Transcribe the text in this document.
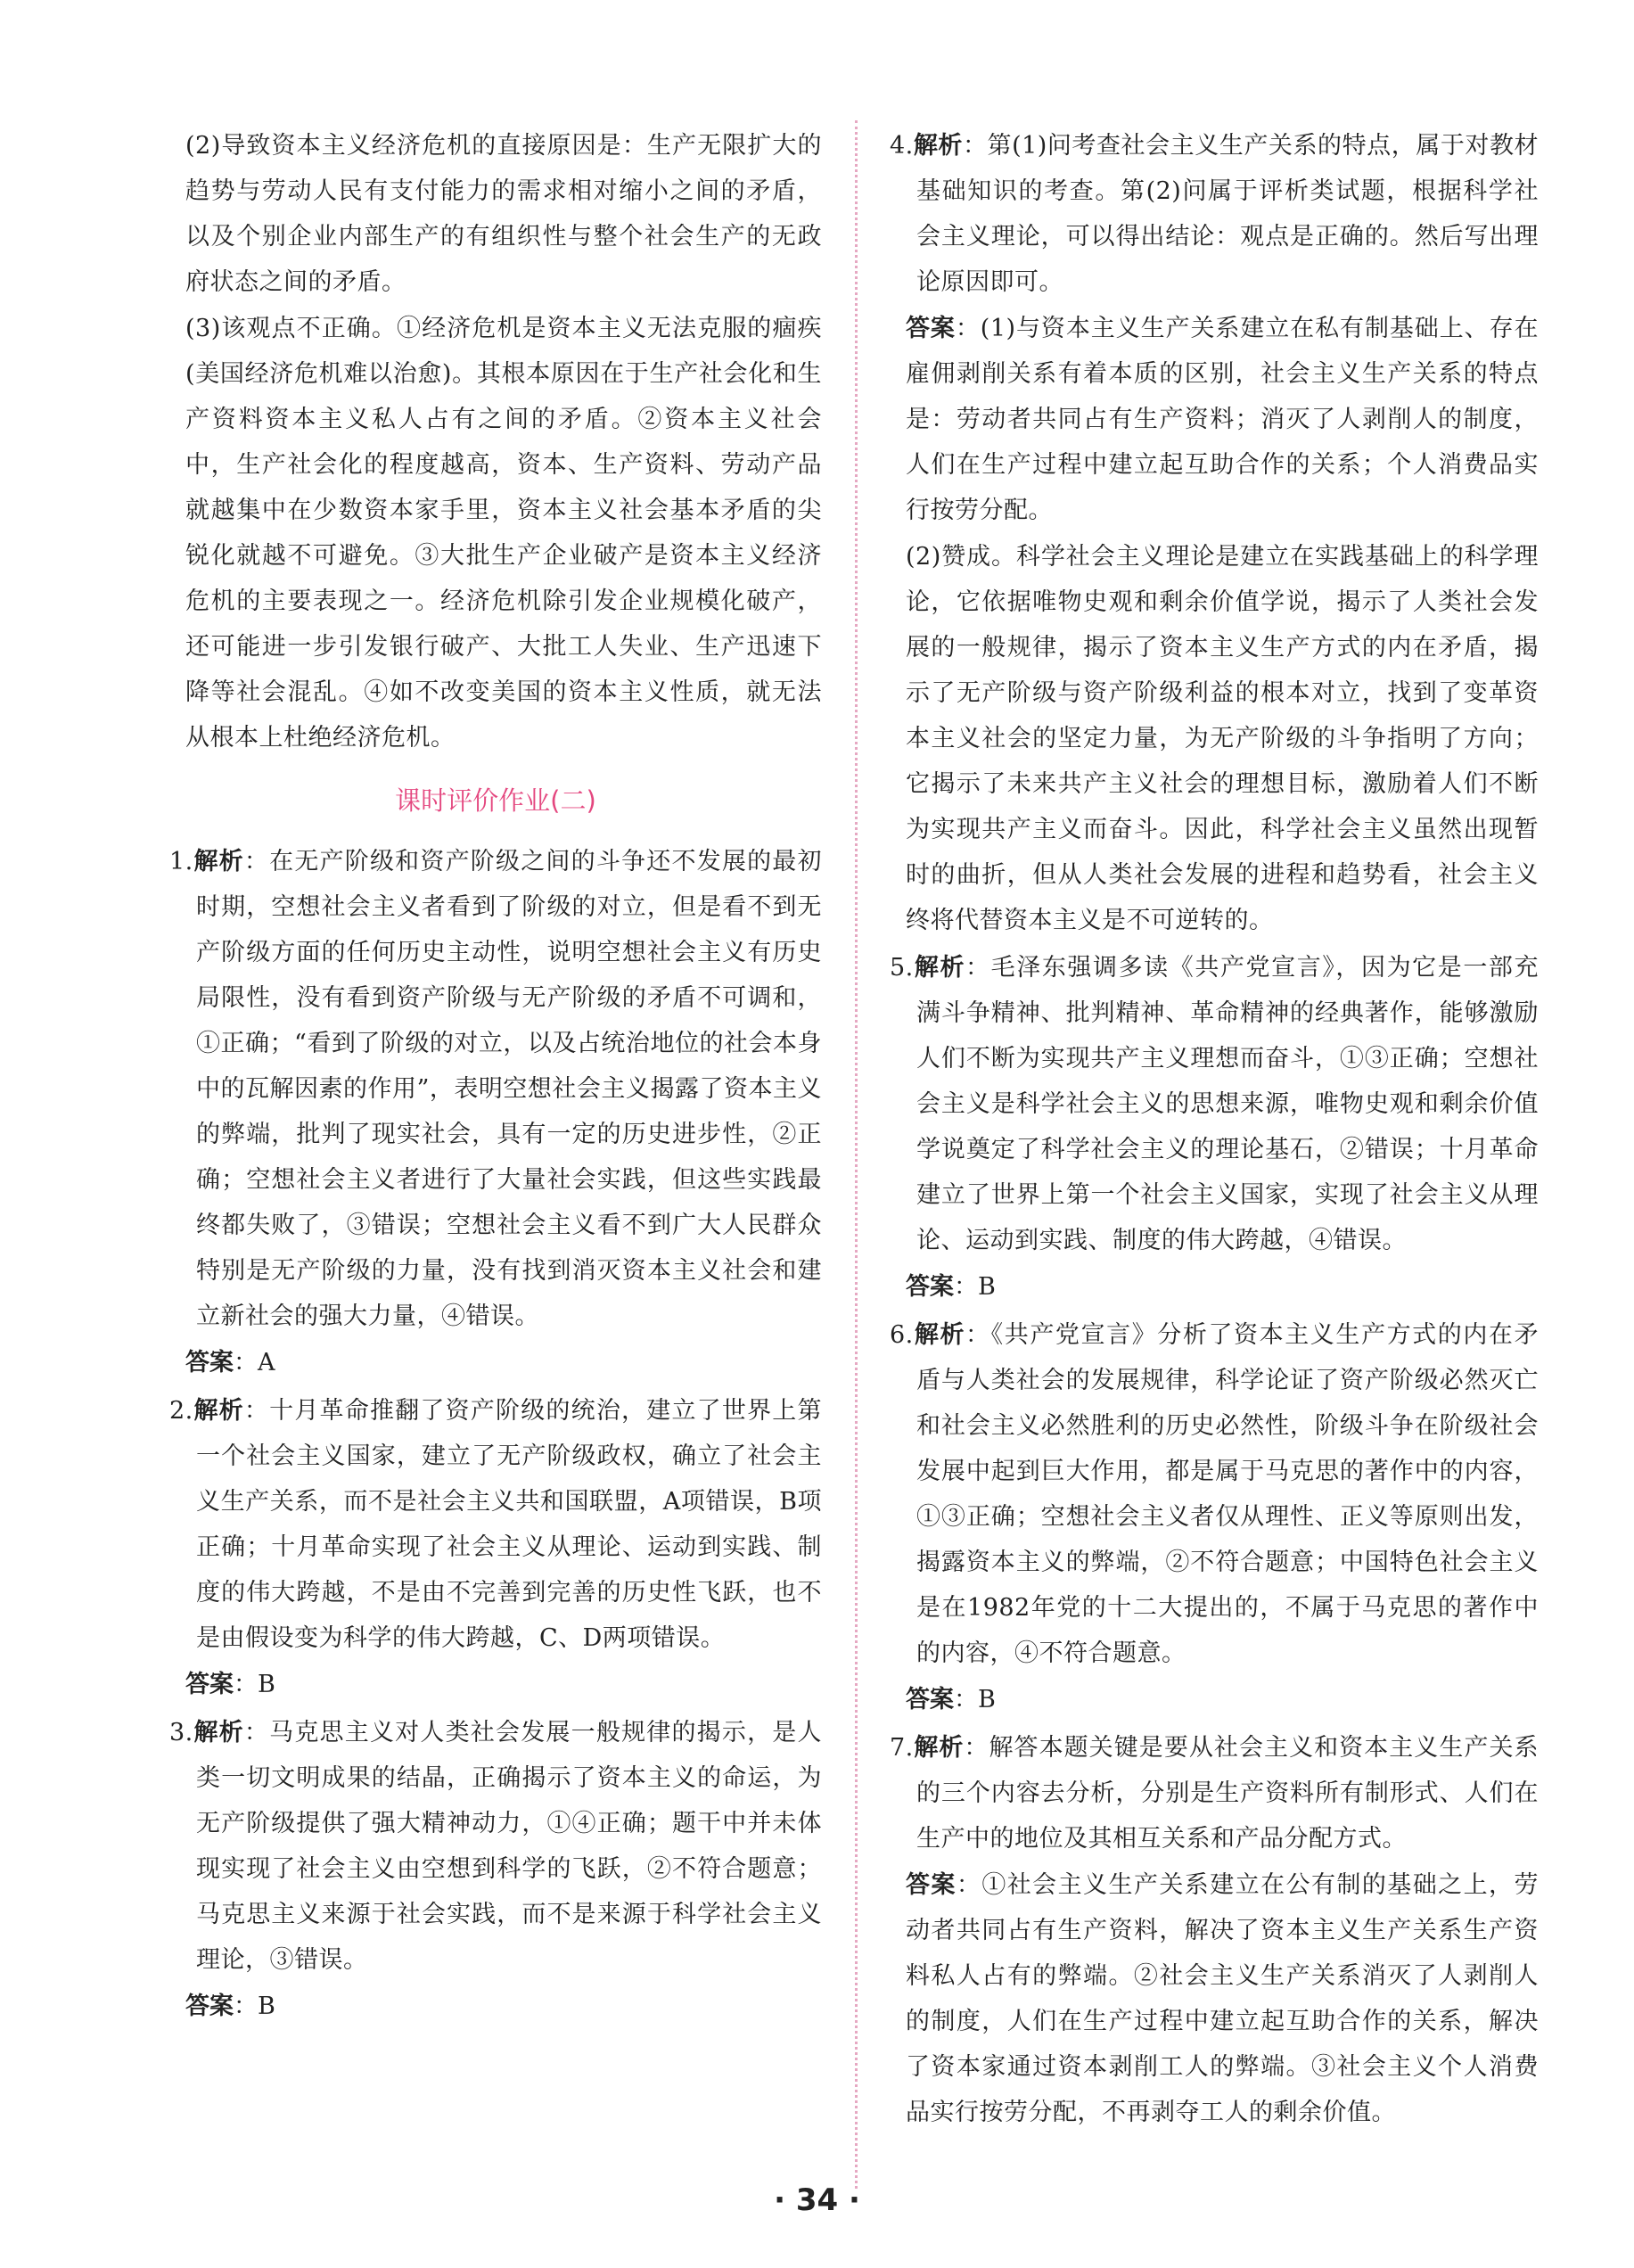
(2)导致资本主义经济危机的直接原因是：生产无限扩大的趋势与劳动人民有支付能力的需求相对缩小之间的矛盾，以及个别企业内部生产的有组织性与整个社会生产的无政府状态之间的矛盾。

(3)该观点不正确。①经济危机是资本主义无法克服的痼疾(美国经济危机难以治愈)。其根本原因在于生产社会化和生产资料资本主义私人占有之间的矛盾。②资本主义社会中，生产社会化的程度越高，资本、生产资料、劳动产品就越集中在少数资本家手里，资本主义社会基本矛盾的尖锐化就越不可避免。③大批生产企业破产是资本主义经济危机的主要表现之一。经济危机除引发企业规模化破产，还可能进一步引发银行破产、大批工人失业、生产迅速下降等社会混乱。④如不改变美国的资本主义性质，就无法从根本上杜绝经济危机。

课时评价作业(二)

1.解析：在无产阶级和资产阶级之间的斗争还不发展的最初时期，空想社会主义者看到了阶级的对立，但是看不到无产阶级方面的任何历史主动性，说明空想社会主义有历史局限性，没有看到资产阶级与无产阶级的矛盾不可调和，①正确；“看到了阶级的对立，以及占统治地位的社会本身中的瓦解因素的作用”，表明空想社会主义揭露了资本主义的弊端，批判了现实社会，具有一定的历史进步性，②正确；空想社会主义者进行了大量社会实践，但这些实践最终都失败了，③错误；空想社会主义看不到广大人民群众特别是无产阶级的力量，没有找到消灭资本主义社会和建立新社会的强大力量，④错误。

答案：A

2.解析：十月革命推翻了资产阶级的统治，建立了世界上第一个社会主义国家，建立了无产阶级政权，确立了社会主义生产关系，而不是社会主义共和国联盟，A项错误，B项正确；十月革命实现了社会主义从理论、运动到实践、制度的伟大跨越，不是由不完善到完善的历史性飞跃，也不是由假设变为科学的伟大跨越，C、D两项错误。

答案：B

3.解析：马克思主义对人类社会发展一般规律的揭示，是人类一切文明成果的结晶，正确揭示了资本主义的命运，为无产阶级提供了强大精神动力，①④正确；题干中并未体现实现了社会主义由空想到科学的飞跃，②不符合题意；马克思主义来源于社会实践，而不是来源于科学社会主义理论，③错误。

答案：B

4.解析：第(1)问考查社会主义生产关系的特点，属于对教材基础知识的考查。第(2)问属于评析类试题，根据科学社会主义理论，可以得出结论：观点是正确的。然后写出理论原因即可。

答案：(1)与资本主义生产关系建立在私有制基础上、存在雇佣剥削关系有着本质的区别，社会主义生产关系的特点是：劳动者共同占有生产资料；消灭了人剥削人的制度，人们在生产过程中建立起互助合作的关系；个人消费品实行按劳分配。

(2)赞成。科学社会主义理论是建立在实践基础上的科学理论，它依据唯物史观和剩余价值学说，揭示了人类社会发展的一般规律，揭示了资本主义生产方式的内在矛盾，揭示了无产阶级与资产阶级利益的根本对立，找到了变革资本主义社会的坚定力量，为无产阶级的斗争指明了方向；它揭示了未来共产主义社会的理想目标，激励着人们不断为实现共产主义而奋斗。因此，科学社会主义虽然出现暂时的曲折，但从人类社会发展的进程和趋势看，社会主义终将代替资本主义是不可逆转的。

5.解析：毛泽东强调多读《共产党宣言》，因为它是一部充满斗争精神、批判精神、革命精神的经典著作，能够激励人们不断为实现共产主义理想而奋斗，①③正确；空想社会主义是科学社会主义的思想来源，唯物史观和剩余价值学说奠定了科学社会主义的理论基石，②错误；十月革命建立了世界上第一个社会主义国家，实现了社会主义从理论、运动到实践、制度的伟大跨越，④错误。

答案：B

6.解析：《共产党宣言》分析了资本主义生产方式的内在矛盾与人类社会的发展规律，科学论证了资产阶级必然灭亡和社会主义必然胜利的历史必然性，阶级斗争在阶级社会发展中起到巨大作用，都是属于马克思的著作中的内容，①③正确；空想社会主义者仅从理性、正义等原则出发，揭露资本主义的弊端，②不符合题意；中国特色社会主义是在1982年党的十二大提出的，不属于马克思的著作中的内容，④不符合题意。

答案：B

7.解析：解答本题关键是要从社会主义和资本主义生产关系的三个内容去分析，分别是生产资料所有制形式、人们在生产中的地位及其相互关系和产品分配方式。

答案：①社会主义生产关系建立在公有制的基础之上，劳动者共同占有生产资料，解决了资本主义生产关系生产资料私人占有的弊端。②社会主义生产关系消灭了人剥削人的制度，人们在生产过程中建立起互助合作的关系，解决了资本家通过资本剥削工人的弊端。③社会主义个人消费品实行按劳分配，不再剥夺工人的剩余价值。

· 34 ·
